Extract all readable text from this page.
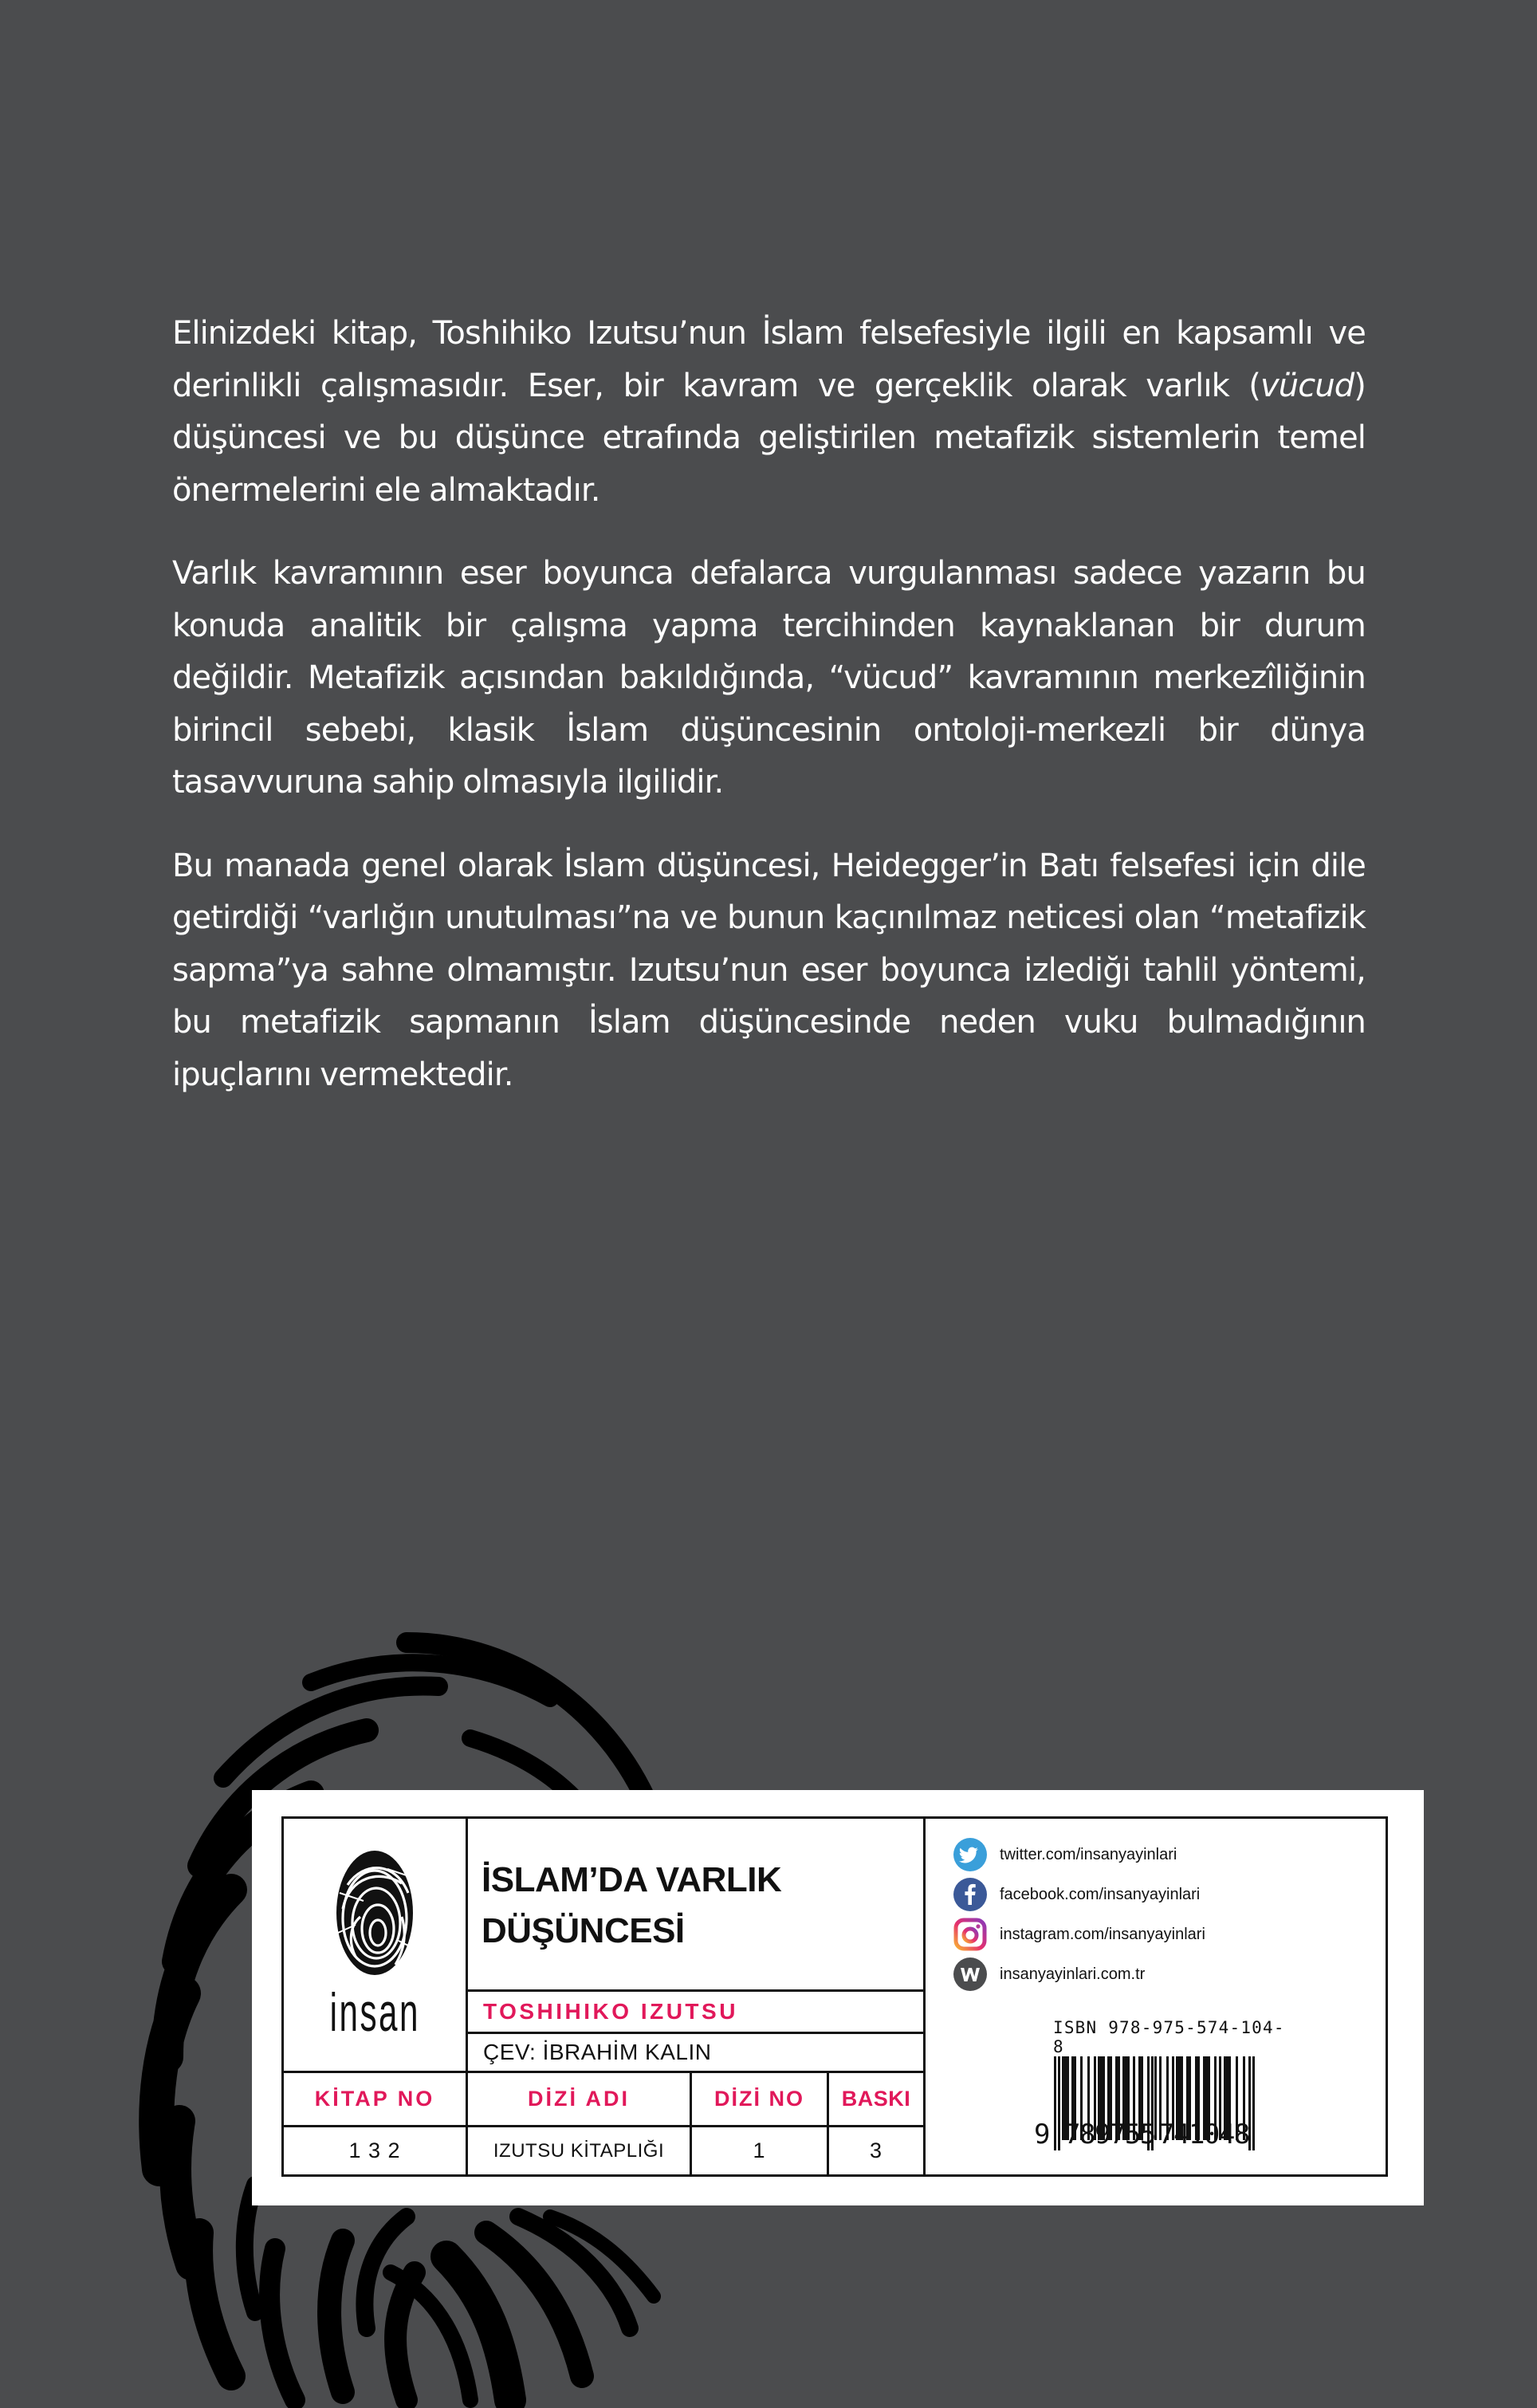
Elinizdeki kitap, Toshihiko Izutsu’nun İslam felsefesiyle ilgili en kapsamlı ve derinlikli çalışmasıdır. Eser, bir kavram ve gerçeklik olarak varlık (vücud) düşüncesi ve bu düşünce etrafında geliştirilen metafizik sistemlerin temel önermelerini ele almaktadır.

Varlık kavramının eser boyunca defalarca vurgulanması sadece yazarın bu konuda analitik bir çalışma yapma tercihinden kaynaklanan bir durum değildir. Metafizik açısından bakıldığında, “vücud” kavramının merkezîliğinin birincil sebebi, klasik İslam düşüncesinin ontoloji-merkezli bir dünya tasavvuruna sahip olmasıyla ilgilidir.

Bu manada genel olarak İslam düşüncesi, Heidegger’in Batı felsefesi için dile getirdiği “varlığın unutulması”na ve bunun kaçınılmaz neticesi olan “metafizik sapma”ya sahne olmamıştır. Izutsu’nun eser boyunca izlediği tahlil yöntemi, bu metafizik sapmanın İslam düşüncesinde neden vuku bulmadığının ipuçlarını vermektedir.

insan
İSLAM’DA VARLIK
DÜŞÜNCESİ
TOSHIHIKO IZUTSU
ÇEV: İBRAHİM KALIN
KİTAP NO	DİZİ ADI	DİZİ NO	BASKI
1 3 2	IZUTSU KİTAPLIĞI	1	3
twitter.com/insanyayinlari
facebook.com/insanyayinlari
instagram.com/insanyayinlari
insanyayinlari.com.tr
ISBN 978-975-574-104-8
9 789755 741048
